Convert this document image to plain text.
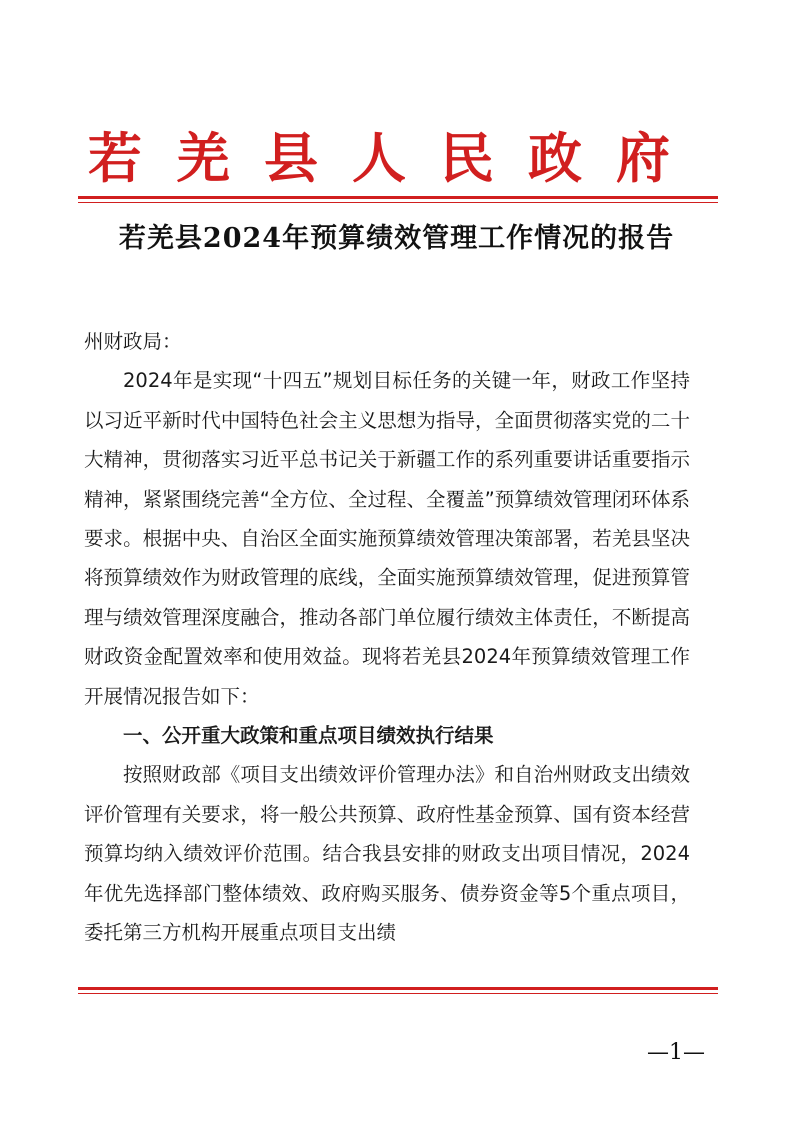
若羌县人民政府
若羌县2024年预算绩效管理工作情况的报告

州财政局：

2024年是实现“十四五”规划目标任务的关键一年，财政工作坚持以习近平新时代中国特色社会主义思想为指导，全面贯彻落实党的二十大精神，贯彻落实习近平总书记关于新疆工作的系列重要讲话重要指示精神，紧紧围绕完善“全方位、全过程、全覆盖”预算绩效管理闭环体系要求。根据中央、自治区全面实施预算绩效管理决策部署，若羌县坚决将预算绩效作为财政管理的底线，全面实施预算绩效管理，促进预算管理与绩效管理深度融合，推动各部门单位履行绩效主体责任，不断提高财政资金配置效率和使用效益。现将若羌县2024年预算绩效管理工作开展情况报告如下：

一、公开重大政策和重点项目绩效执行结果

按照财政部《项目支出绩效评价管理办法》和自治州财政支出绩效评价管理有关要求，将一般公共预算、政府性基金预算、国有资本经营预算均纳入绩效评价范围。结合我县安排的财政支出项目情况，2024年优先选择部门整体绩效、政府购买服务、债券资金等5个重点项目，委托第三方机构开展重点项目支出绩

—1—
